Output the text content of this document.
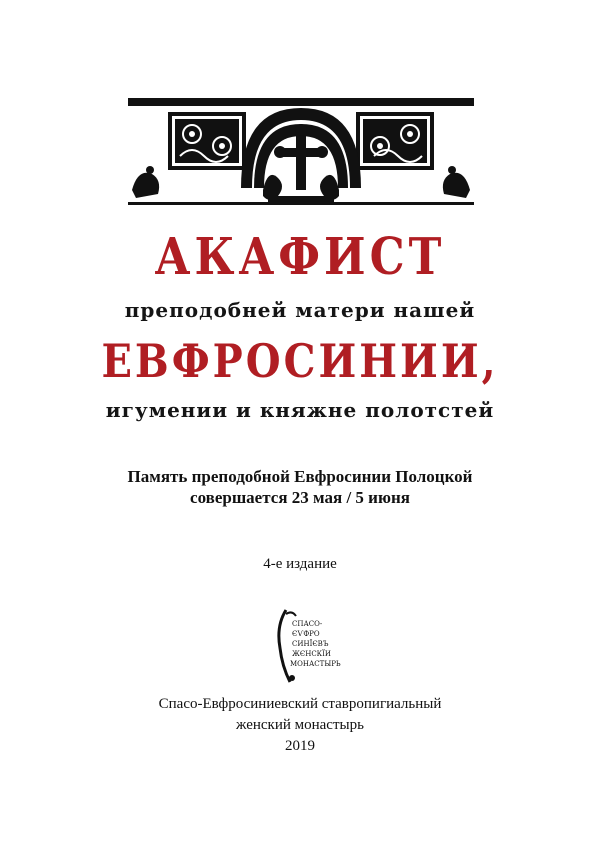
АКАФИСТ
преподобней матери нашей
ЕВФРОСИНИИ,
игумении и княжне полотстей
Память преподобной Евфросинии Полоцкой
совершается 23 мая / 5 июня
4-е издание
СПАСО-
ЄѴФРО
СИНЇЄВЪ
ЖЄНСКЇИ
МОНАСТЫРЬ
Спасо-Евфросиниевский ставропигиальный
женский монастырь
2019
